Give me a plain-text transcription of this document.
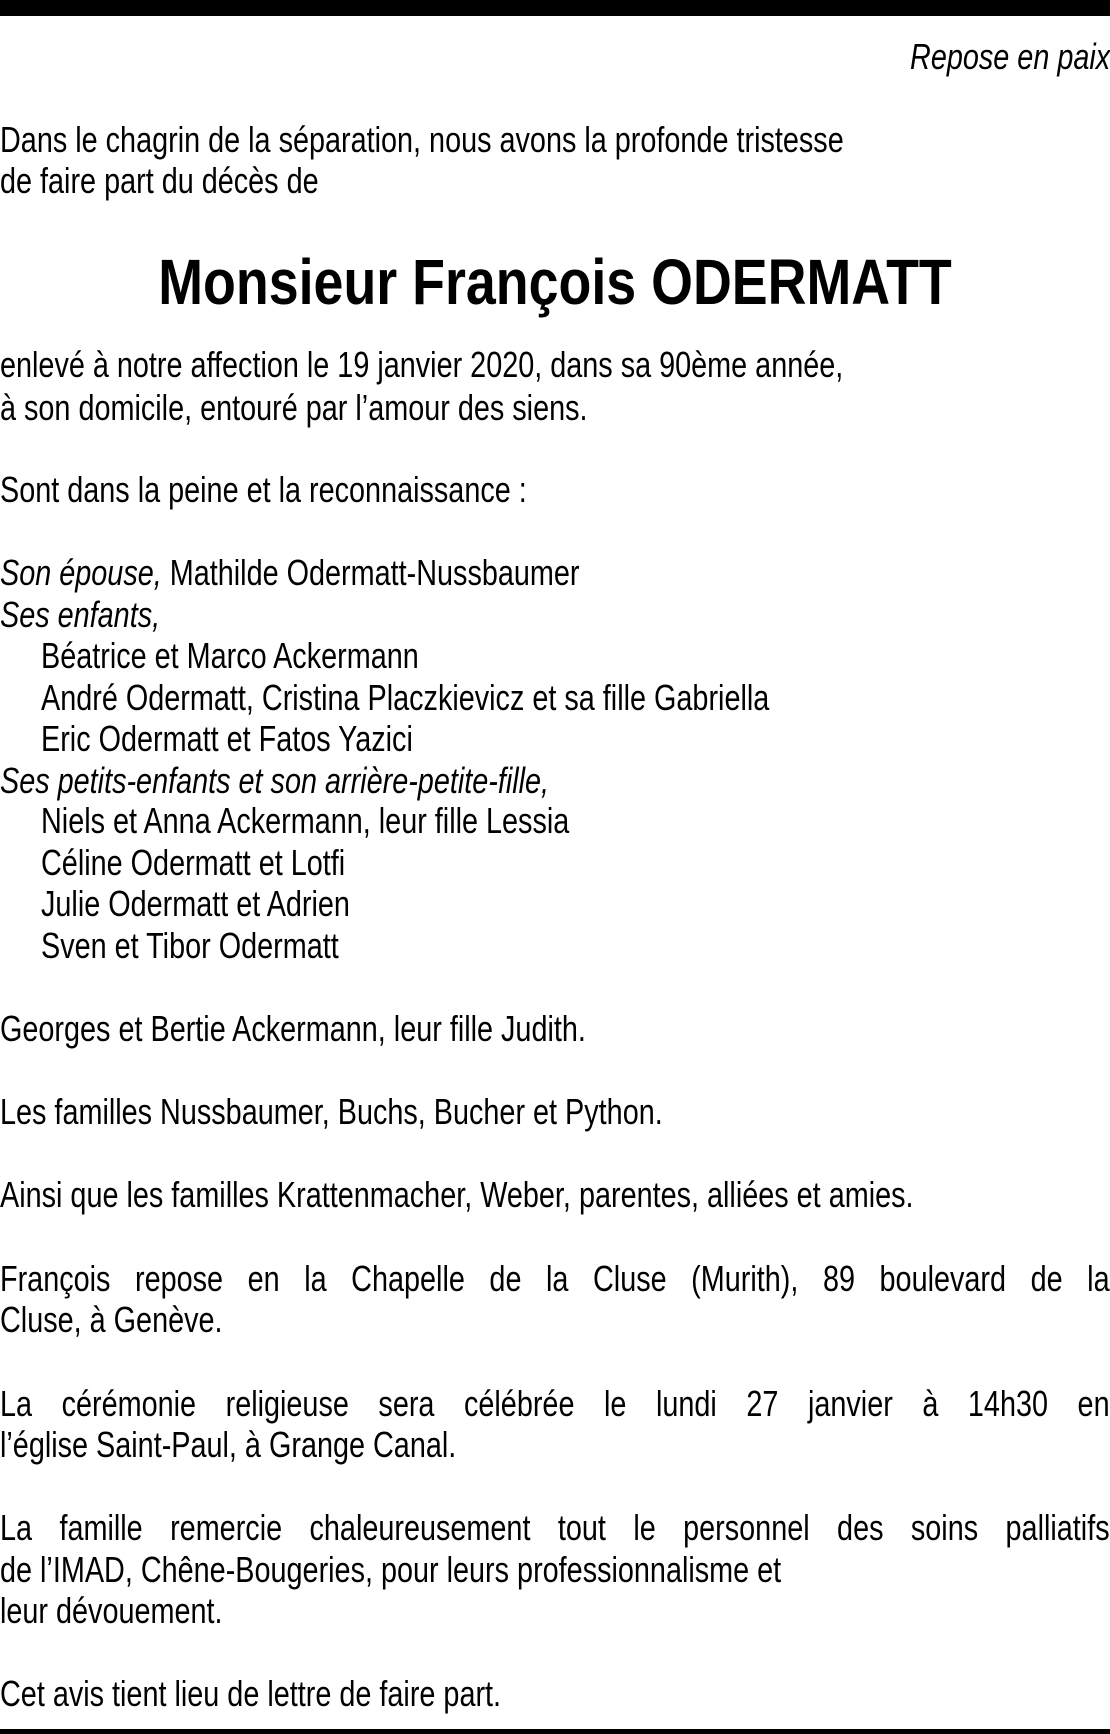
Repose en paix
Dans le chagrin de la séparation, nous avons la profonde tristesse
de faire part du décès de
Monsieur François ODERMATT
enlevé à notre affection le 19 janvier 2020, dans sa 90ème année,
à son domicile, entouré par l’amour des siens.
Sont dans la peine et la reconnaissance :
Son épouse, Mathilde Odermatt-Nussbaumer
Ses enfants,
Béatrice et Marco Ackermann
André Odermatt, Cristina Placzkievicz et sa fille Gabriella
Eric Odermatt et Fatos Yazici
Ses petits-enfants et son arrière-petite-fille,
Niels et Anna Ackermann, leur fille Lessia
Céline Odermatt et Lotfi
Julie Odermatt et Adrien
Sven et Tibor Odermatt
Georges et Bertie Ackermann, leur fille Judith.
Les familles Nussbaumer, Buchs, Bucher et Python.
Ainsi que les familles Krattenmacher, Weber, parentes, alliées et amies.
François repose en la Chapelle de la Cluse (Murith), 89 boulevard de la
Cluse, à Genève.
La cérémonie religieuse sera célébrée le lundi 27 janvier à 14h30 en
l’église Saint-Paul, à Grange Canal.
La famille remercie chaleureusement tout le personnel des soins palliatifs
de l’IMAD, Chêne-Bougeries, pour leurs professionnalisme et
leur dévouement.
Cet avis tient lieu de lettre de faire part.
